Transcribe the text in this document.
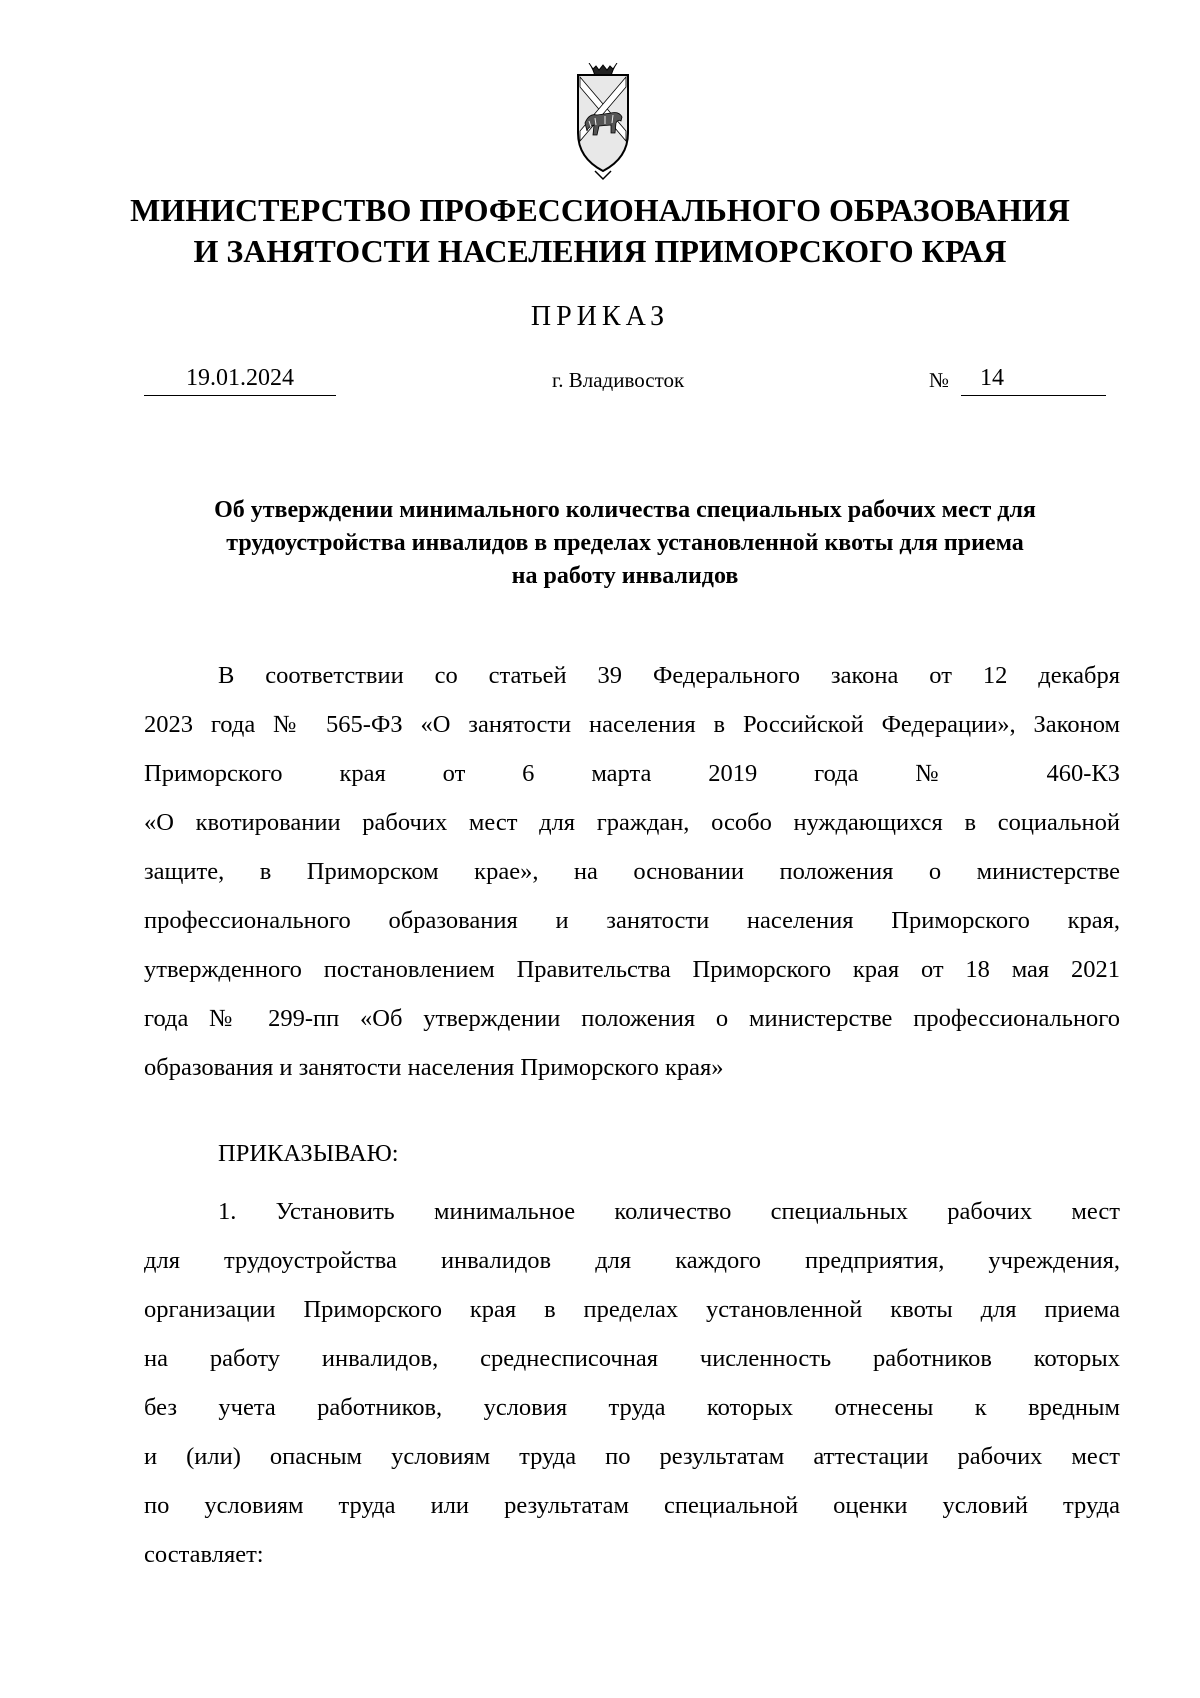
МИНИСТЕРСТВО ПРОФЕССИОНАЛЬНОГО ОБРАЗОВАНИЯ
И ЗАНЯТОСТИ НАСЕЛЕНИЯ ПРИМОРСКОГО КРАЯ
ПРИКАЗ
19.01.2024	г. Владивосток	№	14
Об утверждении минимального количества специальных рабочих мест для
трудоустройства инвалидов в пределах установленной квоты для приема
на работу инвалидов
В соответствии со статьей 39 Федерального закона от 12 декабря
2023 года № 565-ФЗ «О занятости населения в Российской Федерации», Законом
Приморского края от 6 марта 2019 года № 460-КЗ
«О квотировании рабочих мест для граждан, особо нуждающихся в социальной
защите, в Приморском крае», на основании положения о министерстве
профессионального образования и занятости населения Приморского края,
утвержденного постановлением Правительства Приморского края от 18 мая 2021
года № 299-пп «Об утверждении положения о министерстве профессионального
образования и занятости населения Приморского края»
ПРИКАЗЫВАЮ:
1. Установить минимальное количество специальных рабочих мест
для трудоустройства инвалидов для каждого предприятия, учреждения,
организации Приморского края в пределах установленной квоты для приема
на работу инвалидов, среднесписочная численность работников которых
без учета работников, условия труда которых отнесены к вредным
и (или) опасным условиям труда по результатам аттестации рабочих мест
по условиям труда или результатам специальной оценки условий труда
составляет:
